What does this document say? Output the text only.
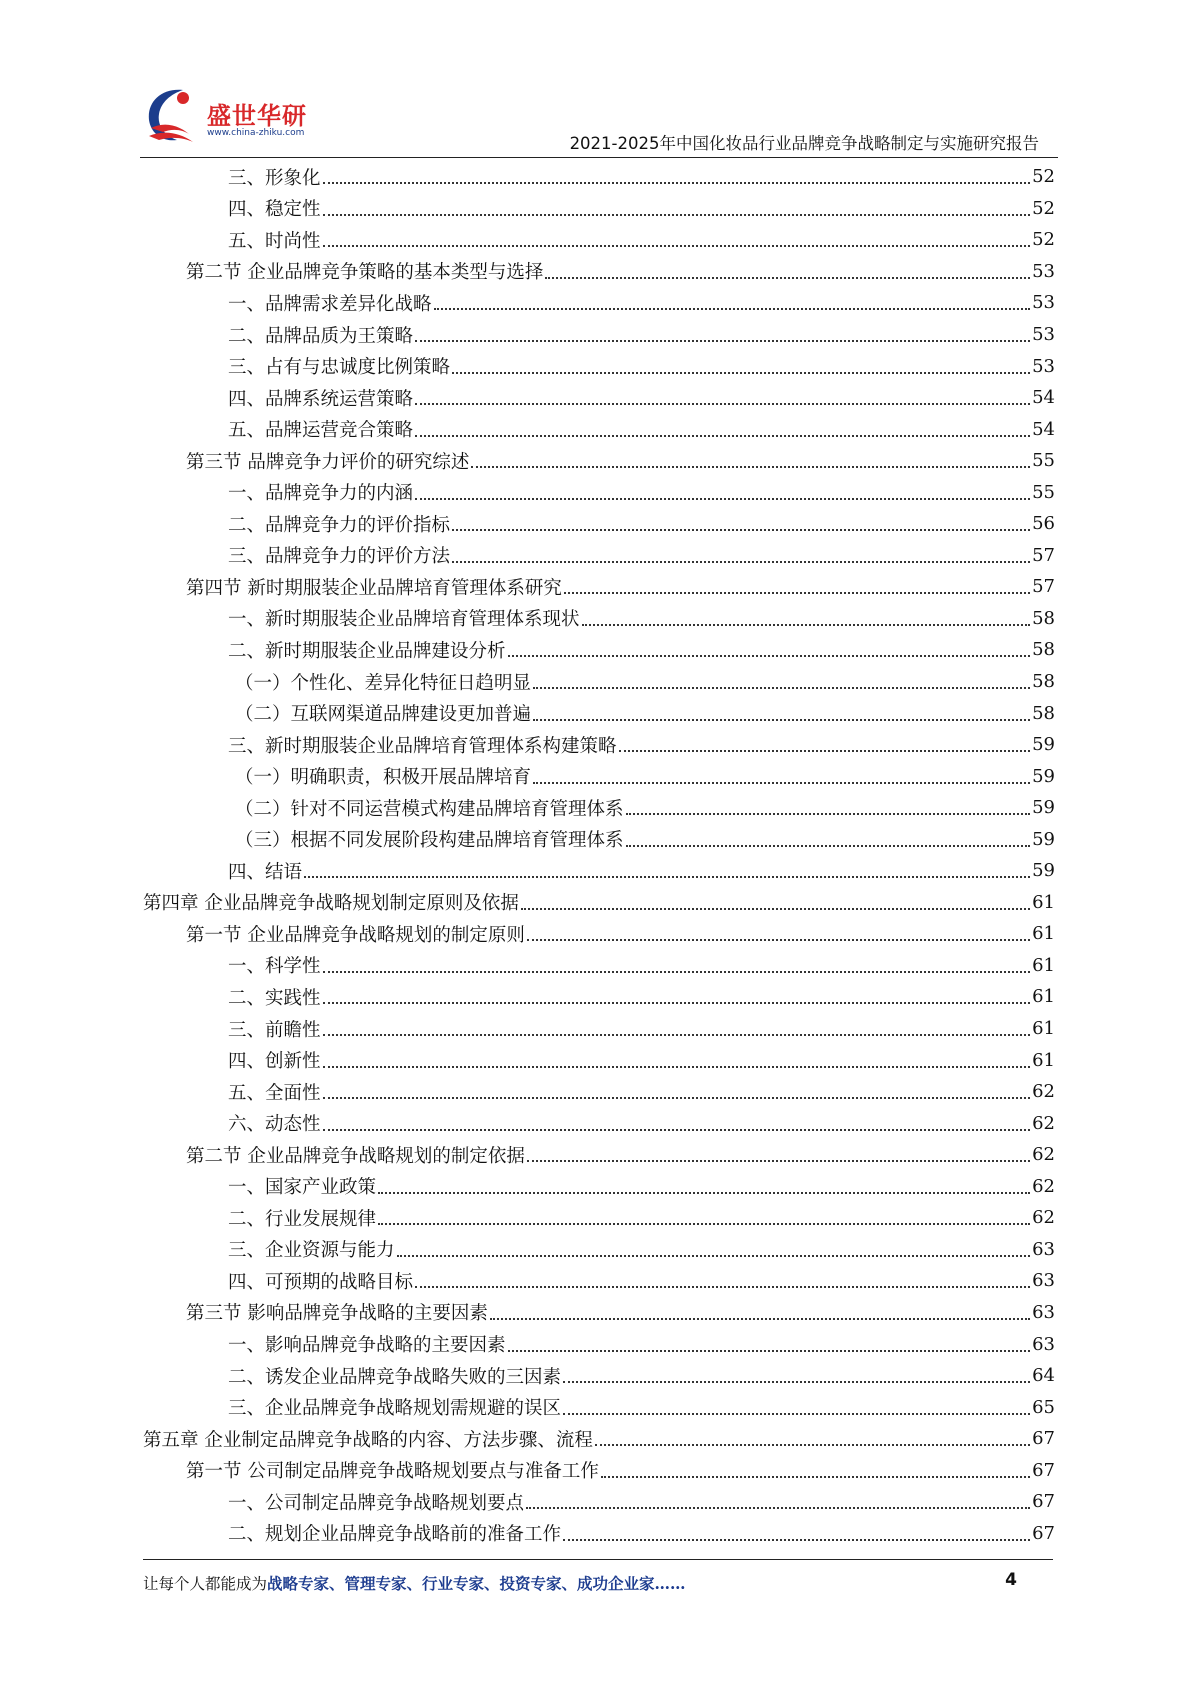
盛世华研
www.china-zhiku.com
2021-2025年中国化妆品行业品牌竞争战略制定与实施研究报告
三、形象化	52
四、稳定性	52
五、时尚性	52
第二节 企业品牌竞争策略的基本类型与选择	53
一、品牌需求差异化战略	53
二、品牌品质为王策略	53
三、占有与忠诚度比例策略	53
四、品牌系统运营策略	54
五、品牌运营竞合策略	54
第三节 品牌竞争力评价的研究综述	55
一、品牌竞争力的内涵	55
二、品牌竞争力的评价指标	56
三、品牌竞争力的评价方法	57
第四节 新时期服装企业品牌培育管理体系研究	57
一、新时期服装企业品牌培育管理体系现状	58
二、新时期服装企业品牌建设分析	58
（一）个性化、差异化特征日趋明显	58
（二）互联网渠道品牌建设更加普遍	58
三、新时期服装企业品牌培育管理体系构建策略	59
（一）明确职责，积极开展品牌培育	59
（二）针对不同运营模式构建品牌培育管理体系	59
（三）根据不同发展阶段构建品牌培育管理体系	59
四、结语	59
第四章 企业品牌竞争战略规划制定原则及依据	61
第一节 企业品牌竞争战略规划的制定原则	61
一、科学性	61
二、实践性	61
三、前瞻性	61
四、创新性	61
五、全面性	62
六、动态性	62
第二节 企业品牌竞争战略规划的制定依据	62
一、国家产业政策	62
二、行业发展规律	62
三、企业资源与能力	63
四、可预期的战略目标	63
第三节 影响品牌竞争战略的主要因素	63
一、影响品牌竞争战略的主要因素	63
二、诱发企业品牌竞争战略失败的三因素	64
三、企业品牌竞争战略规划需规避的误区	65
第五章 企业制定品牌竞争战略的内容、方法步骤、流程	67
第一节 公司制定品牌竞争战略规划要点与准备工作	67
一、公司制定品牌竞争战略规划要点	67
二、规划企业品牌竞争战略前的准备工作	67
让每个人都能成为战略专家、管理专家、行业专家、投资专家、成功企业家……	4
